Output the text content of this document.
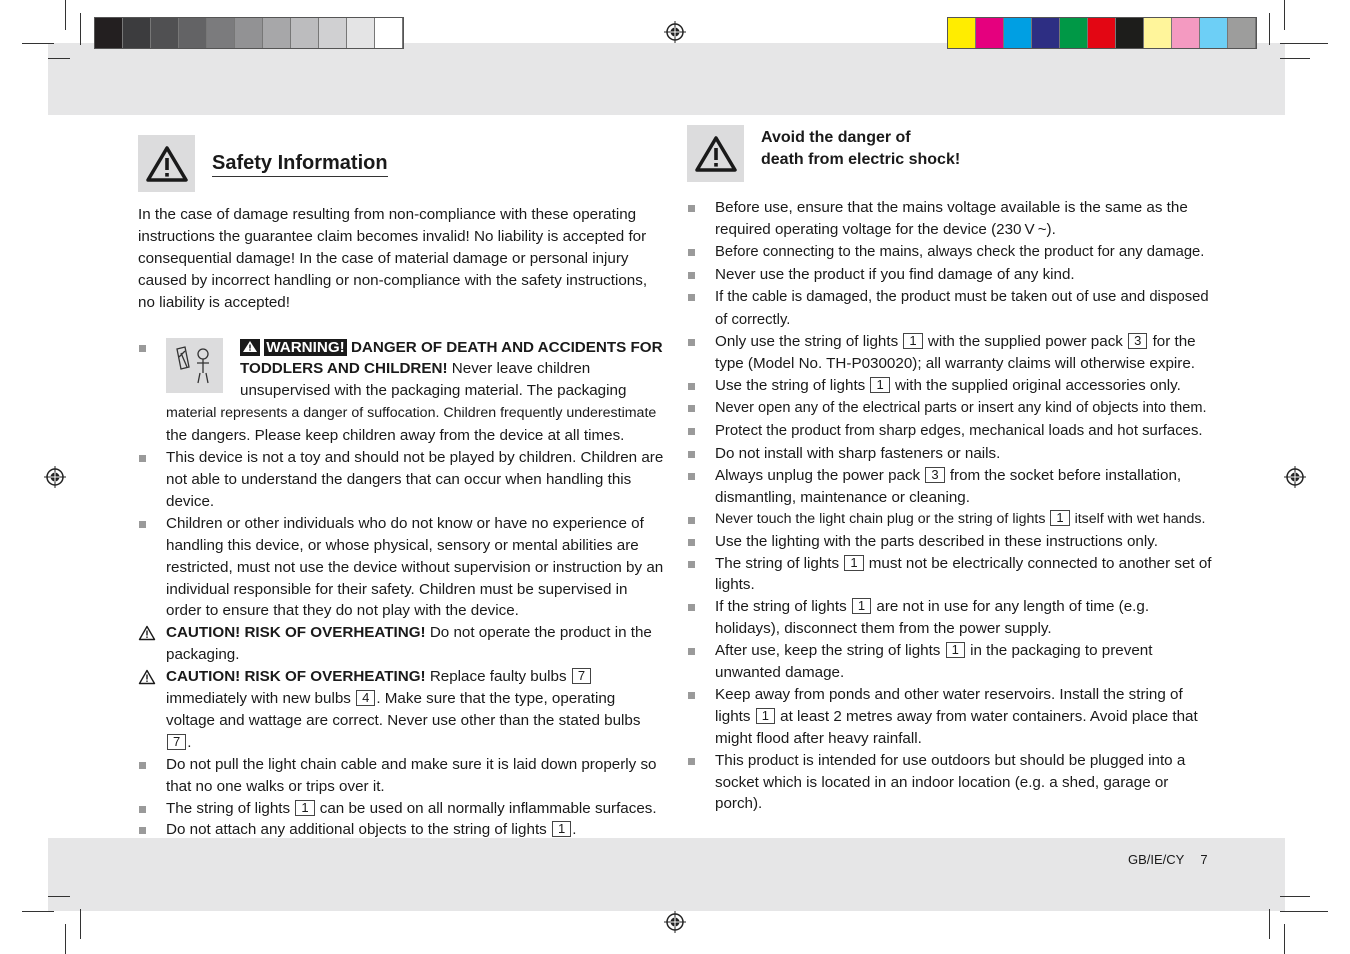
Safety Information

In the case of damage resulting from non-compliance with these operating instructions the guarantee claim becomes invalid! No liability is accepted for consequential damage! In the case of material damage or personal injury caused by incorrect handling or non-compliance with the safety instructions, no liability is accepted!

WARNING! DANGER OF DEATH AND ACCIDENTS FOR TODDLERS AND CHILDREN! Never leave children unsupervised with the packaging material. The packaging material represents a danger of suffocation. Children frequently underestimate the dangers. Please keep children away from the device at all times.
This device is not a toy and should not be played by children. Children are not able to understand the dangers that can occur when handling this device.
Children or other individuals who do not know or have no experience of handling this device, or whose physical, sensory or mental abilities are restricted, must not use the device without supervision or instruction by an individual responsible for their safety. Children must be supervised in order to ensure that they do not play with the device.
CAUTION! RISK OF OVERHEATING! Do not operate the product in the packaging.
CAUTION! RISK OF OVERHEATING! Replace faulty bulbs 7 immediately with new bulbs 4 . Make sure that the type, operating voltage and wattage are correct. Never use other than the stated bulbs 7 .
Do not pull the light chain cable and make sure it is laid down properly so that no one walks or trips over it.
The string of lights 1 can be used on all normally inflammable surfaces.
Do not attach any additional objects to the string of lights 1 .
Avoid the danger of
death from electric shock!
Before use, ensure that the mains voltage available is the same as the required operating voltage for the device (230 V ~).
Before connecting to the mains, always check the product for any damage.
Never use the product if you find damage of any kind.
If the cable is damaged, the product must be taken out of use and disposed of correctly.
Only use the string of lights 1 with the supplied power pack 3 for the type (Model No. TH-P030020); all warranty claims will otherwise expire.
Use the string of lights 1 with the supplied original accessories only.
Never open any of the electrical parts or insert any kind of objects into them.
Protect the product from sharp edges, mechanical loads and hot surfaces.
Do not install with sharp fasteners or nails.
Always unplug the power pack 3 from the socket before installation, dismantling, maintenance or cleaning.
Never touch the light chain plug or the string of lights 1 itself with wet hands.
Use the lighting with the parts described in these instructions only.
The string of lights 1 must not be electrically connected to another set of lights.
If the string of lights 1 are not in use for any length of time (e.g. holidays), disconnect them from the power supply.
After use, keep the string of lights 1 in the packaging to prevent unwanted damage.
Keep away from ponds and other water reservoirs. Install the string of lights 1 at least 2 metres away from water containers. Avoid place that might flood after heavy rainfall.
This product is intended for use outdoors but should be plugged into a socket which is located in an indoor location (e.g. a shed, garage or porch).
GB/IE/CY 7
